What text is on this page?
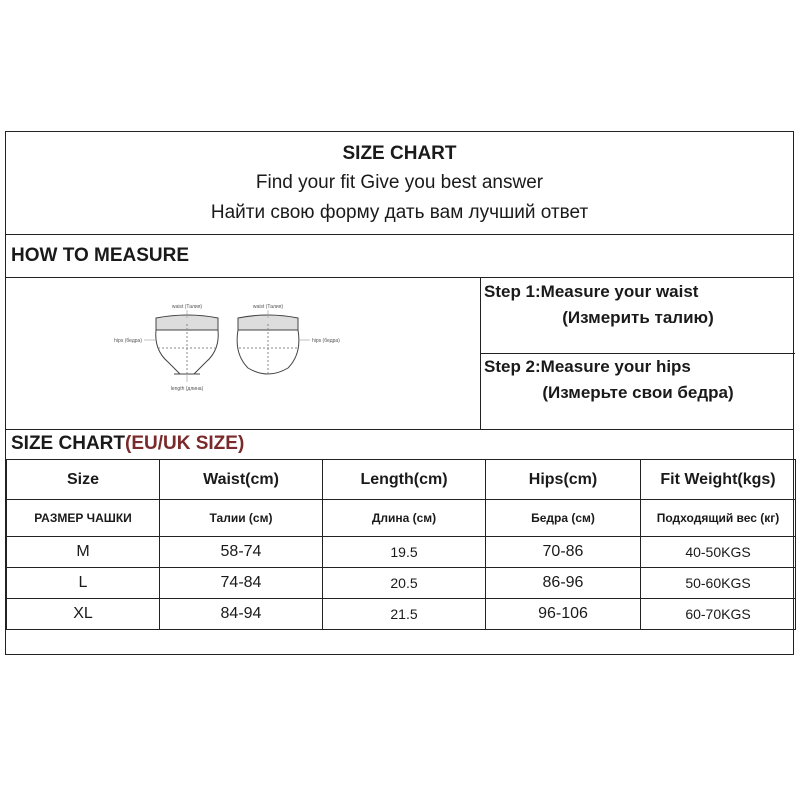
SIZE CHART
Find your fit Give you best answer
Найти свою форму дать вам лучший ответ
HOW TO MEASURE
waist (Талия)	waist (Талия)
hips (бедра)	hips (бедра)
length (длина)
Step 1:Measure your waist
(Измерить талию)
Step 2:Measure your hips
(Измерьте свои бедра)
SIZE CHART(EU/UK SIZE)
Size	Waist(cm)	Length(cm)	Hips(cm)	Fit Weight(kgs)
РАЗМЕР ЧАШКИ	Талии (см)	Длина (см)	Бедра (см)	Подходящий вес (кг)
M	58-74	19.5	70-86	40-50KGS
L	74-84	20.5	86-96	50-60KGS
XL	84-94	21.5	96-106	60-70KGS
